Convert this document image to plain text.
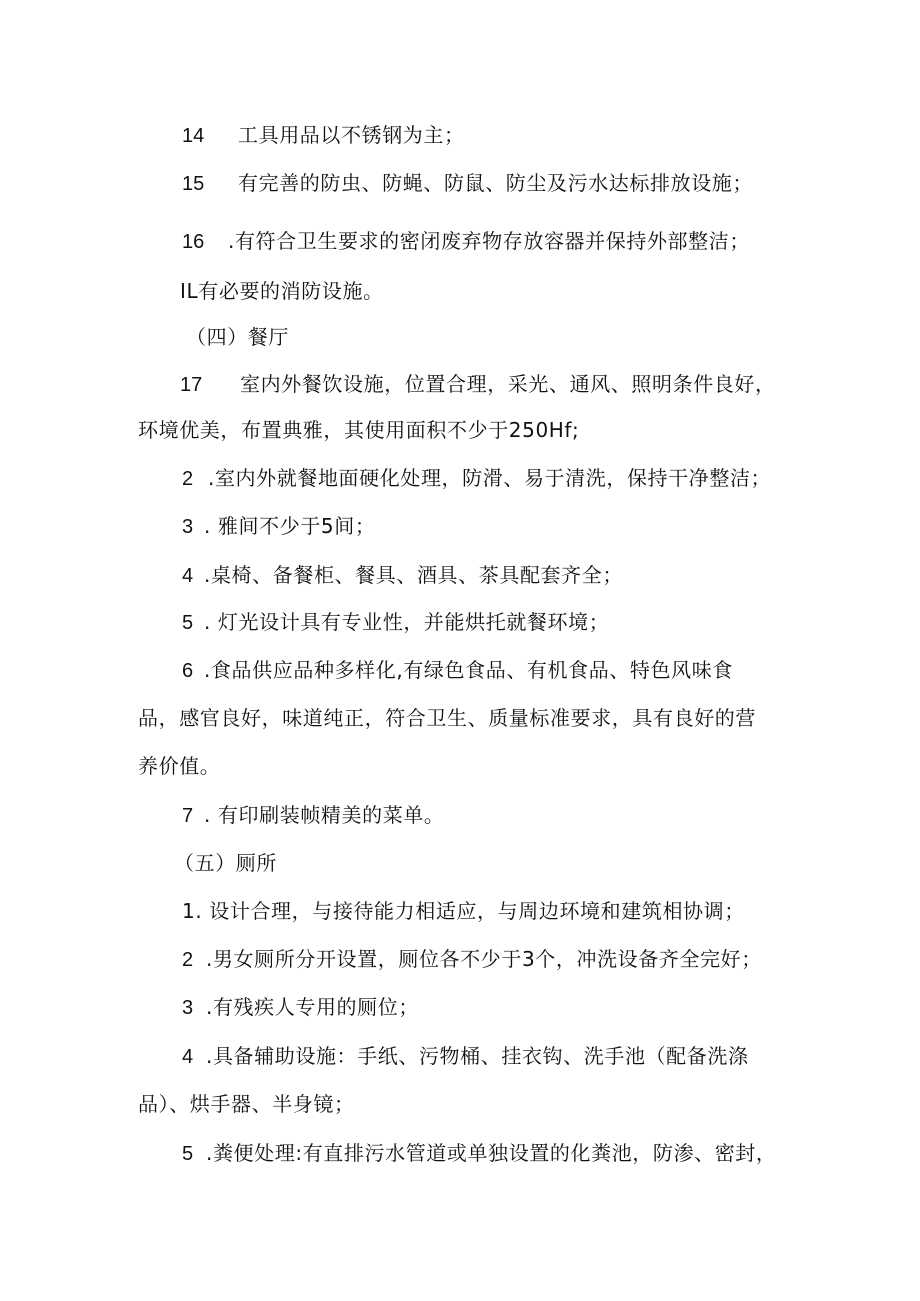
14 工具用品以不锈钢为主；
15 有完善的防虫、防蝇、防鼠、防尘及污水达标排放设施；
16 .有符合卫生要求的密闭废弃物存放容器并保持外部整洁；
IL有必要的消防设施。
（四）餐厅
17 室内外餐饮设施，位置合理，采光、通风、照明条件良好，
环境优美，布置典雅，其使用面积不少于250Hf;
2 .室内外就餐地面硬化处理，防滑、易于清洗，保持干净整洁；
3 . 雅间不少于5间；
4 .桌椅、备餐柜、餐具、酒具、茶具配套齐全；
5 . 灯光设计具有专业性，并能烘托就餐环境；
6 .食品供应品种多样化,有绿色食品、有机食品、特色风味食
品，感官良好，味道纯正，符合卫生、质量标准要求，具有良好的营
养价值。
7 . 有印刷装帧精美的菜单。
（五）厕所
1. 设计合理，与接待能力相适应，与周边环境和建筑相协调；
2 .男女厕所分开设置，厕位各不少于3个，冲洗设备齐全完好；
3 .有残疾人专用的厕位；
4 .具备辅助设施：手纸、污物桶、挂衣钩、洗手池（配备洗涤
品）、烘手器、半身镜；
5 .粪便处理:有直排污水管道或单独设置的化粪池，防渗、密封，
